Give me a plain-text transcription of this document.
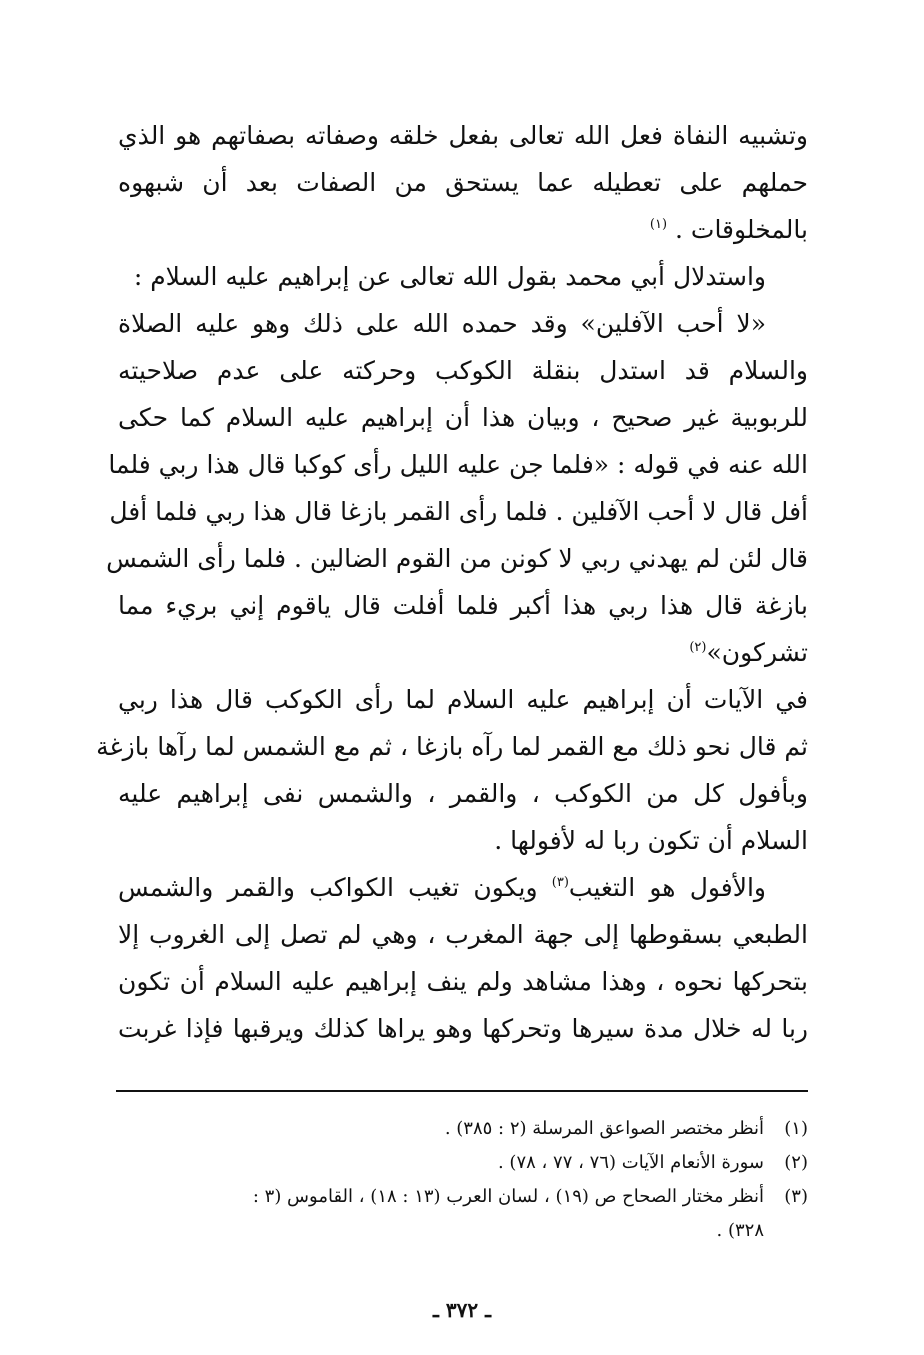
وتشبيه النفاة فعل الله تعالى بفعل خلقه وصفاته بصفاتهم هو الذي
حملهم على تعطيله عما يستحق من الصفات بعد أن شبهوه
بالمخلوقات . $^{(١)}$
واستدلال أبي محمد بقول الله تعالى عن إبراهيم عليه السلام :
«لا أحب الآفلين» وقد حمده الله على ذلك وهو عليه الصلاة
والسلام قد استدل بنقلة الكوكب وحركته على عدم صلاحيته
للربوبية غير صحيح ، وبيان هذا أن إبراهيم عليه السلام كما حكى
الله عنه في قوله : «فلما جن عليه الليل رأى كوكبا قال هذا ربي فلما
أفل قال لا أحب الآفلين . فلما رأى القمر بازغا قال هذا ربي فلما أفل
قال لئن لم يهدني ربي لا كونن من القوم الضالين . فلما رأى الشمس
بازغة قال هذا ربي هذا أكبر فلما أفلت قال ياقوم إني بريء مما
تشركون»$^{(٢)}$
في الآيات أن إبراهيم عليه السلام لما رأى الكوكب قال هذا ربي
ثم قال نحو ذلك مع القمر لما رآه بازغا ، ثم مع الشمس لما رآها بازغة
وبأفول كل من الكوكب ، والقمر ، والشمس نفى إبراهيم عليه
السلام أن تكون ربا له لأفولها .
والأفول هو التغيب$^{(٣)}$ ويكون تغيب الكواكب والقمر والشمس
الطبعي بسقوطها إلى جهة المغرب ، وهي لم تصل إلى الغروب إلا
بتحركها نحوه ، وهذا مشاهد ولم ينف إبراهيم عليه السلام أن تكون
ربا له خلال مدة سيرها وتحركها وهو يراها كذلك ويرقبها فإذا غربت
(١)أنظر مختصر الصواعق المرسلة (٢ : ٣٨٥) .
(٢)سورة الأنعام الآيات (٧٦ ، ٧٧ ، ٧٨) .
(٣)أنظر مختار الصحاح ص (١٩) ، لسان العرب (١٣ : ١٨) ، القاموس (٣ :
٣٢٨) .
ـ ٣٧٢ ـ
